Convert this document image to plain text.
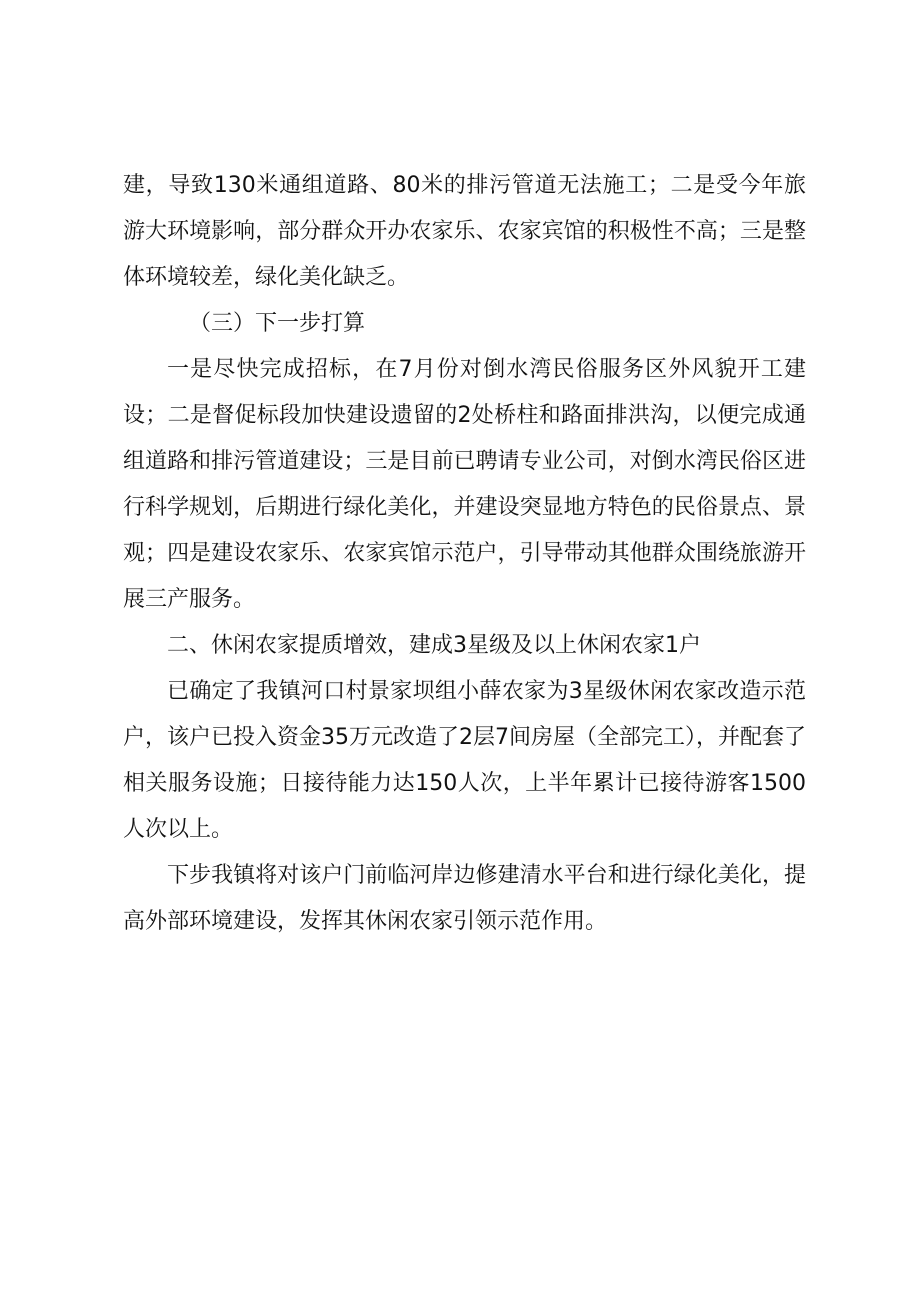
建，导致130米通组道路、80米的排污管道无法施工；二是受今年旅游大环境影响，部分群众开办农家乐、农家宾馆的积极性不高；三是整体环境较差，绿化美化缺乏。

（三）下一步打算

一是尽快完成招标，在7月份对倒水湾民俗服务区外风貌开工建设；二是督促标段加快建设遗留的2处桥柱和路面排洪沟，以便完成通组道路和排污管道建设；三是目前已聘请专业公司，对倒水湾民俗区进行科学规划，后期进行绿化美化，并建设突显地方特色的民俗景点、景观；四是建设农家乐、农家宾馆示范户，引导带动其他群众围绕旅游开展三产服务。

二、休闲农家提质增效，建成3星级及以上休闲农家1户

已确定了我镇河口村景家坝组小薛农家为3星级休闲农家改造示范户，该户已投入资金35万元改造了2层7间房屋（全部完工），并配套了相关服务设施；日接待能力达150人次，上半年累计已接待游客1500人次以上。

下步我镇将对该户门前临河岸边修建清水平台和进行绿化美化，提高外部环境建设，发挥其休闲农家引领示范作用。
